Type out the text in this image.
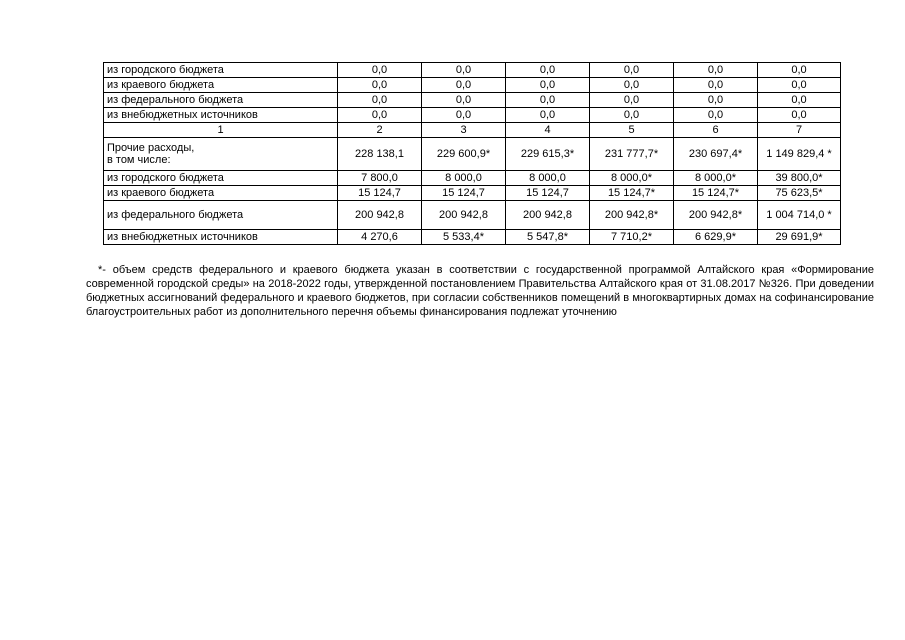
из городского бюджета	0,0	0,0	0,0	0,0	0,0	0,0
из краевого бюджета	0,0	0,0	0,0	0,0	0,0	0,0
из федерального бюджета	0,0	0,0	0,0	0,0	0,0	0,0
из внебюджетных источников	0,0	0,0	0,0	0,0	0,0	0,0
1	2	3	4	5	6	7

Прочие расходы,
в том числе:	228 138,1	229 600,9*	229 615,3*	231 777,7*	230 697,4*	1 149 829,4 *
из городского бюджета	7 800,0	8 000,0	8 000,0	8 000,0*	8 000,0*	39 800,0*
из краевого бюджета	15 124,7	15 124,7	15 124,7	15 124,7*	15 124,7*	75 623,5*
из федерального бюджета	200 942,8	200 942,8	200 942,8	200 942,8*	200 942,8*	1 004 714,0 *
из внебюджетных источников	4 270,6	5 533,4*	5 547,8*	7 710,2*	6 629,9*	29 691,9*

*- объем средств федерального и краевого бюджета указан в соответствии с государственной программой Алтайского края «Формирование современной городской среды» на 2018-2022 годы, утвержденной постановлением Правительства Алтайского края от 31.08.2017 №326. При доведении бюджетных ассигнований федерального и краевого бюджетов, при согласии собственников помещений в многоквартирных домах на софинансирование благоустроительных работ из дополнительного перечня объемы финансирования подлежат уточнению
